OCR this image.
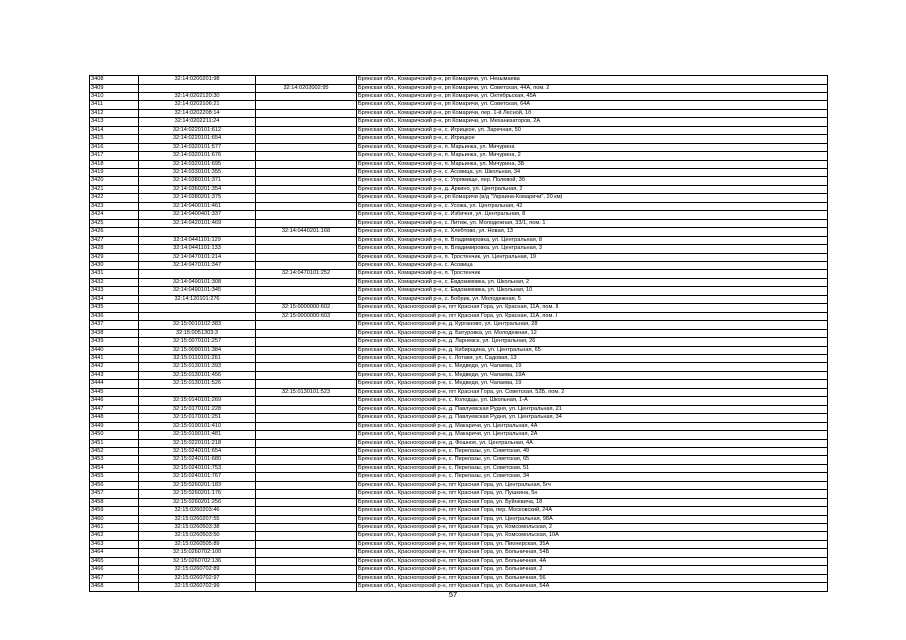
3408	32:14:0200201:98		Брянская обл., Комаричский р-н, рп Комаричи, ул. Незымаева
3409		32:14:0202002:95	Брянская обл., Комаричский р-н, рп Комаричи, ул. Советская, 44А, пом. 2
3410	32:14:0202120:30		Брянская обл., Комаричский р-н, рп Комаричи, ул. Октябрьская, 45А
3411	32:14:0202106:21		Брянская обл., Комаричский р-н, рп Комаричи, ул. Советская, 64А
3412	32:14:0202208:14		Брянская обл., Комаричский р-н, рп Комаричи, пер. 1-й Лесной, 1б
3413	32:14:0202211:24		Брянская обл., Комаричский р-н, рп Комаричи, ул. Механизаторов, 2А
3414	32:14:0220101:612		Брянская обл., Комаричский р-н, с. Игрицкое, ул. Заречная, 50
3415	32:14:0220101:654		Брянская обл., Комаричский р-н, с. Игрицкое
3416	32:14:0320101:577		Брянская обл., Комаричский р-н, п. Марьинка, ул. Мичурина
3417	32:14:0320101:676		Брянская обл., Комаричский р-н, п. Марьинка, ул. Мичурина, 2
3418	32:14:0320101:695		Брянская обл., Комаричский р-н, п. Марьинка, ул. Мичурина, 3Б
3419	32:14:0330101:355		Брянская обл., Комаричский р-н, с. Асовица, ул. Школьная, 34
3420	32:14:0380101:371		Брянская обл., Комаричский р-н, с. Упрямище, пер. Полевой, 3б
3421	32:14:0360201:354		Брянская обл., Комаричский р-н, д. Аркино, ул. Центральная, 2
3422	32:14:0380201:375		Брянская обл., Комаричский р-н, рп Комаричи (в/д "Украина-Комаричи", 20 км)
3423	32:14:0400101:461		Брянская обл., Комаричский р-н, с. Усожа, ул. Центральная, 42
3424	32:14:0400401:337		Брянская обл., Комаричский р-н, с. Избичня, ул. Центральная, 8
3425	32:14:0420101:469		Брянская обл., Комаричский р-н, с. Литиж, ул. Молодежная, 33/1, пом. 1
3426		32:14:0440201:168	Брянская обл., Комаричский р-н, с. Хлебтово, ул. Новая, 13
3427	32:14:0441101:129		Брянская обл., Комаричский р-н, п. Владимировка, ул. Центральная, 8
3428	32:14:0441101:133		Брянская обл., Комаричский р-н, п. Владимировка, ул. Центральная, 3
3429	32:14:0470101:214		Брянская обл., Комаричский р-н, п. Тростенчик, ул. Центральная, 19
3430	32:14:0470101:347		Брянская обл., Комаричский р-н, с. Асовица
3431		32:14:0470101:252	Брянская обл., Комаричский р-н, п. Тростенчик
3432	32:14:0490101:308		Брянская обл., Комаричский р-н, с. Евдокимовка, ул. Школьная, 2
3433	32:14:0490101:345		Брянская обл., Комаричский р-н, с. Евдокимовка, ул. Школьная, 10
3434	32:14:120101:276		Брянская обл., Комаричский р-н, с. Бобрик, ул. Молодежная, 5
3435		32:15:0000000:602	Брянская обл., Красногорский р-н, пгт Красная Гора, ул. Красная, 11А, пом. II
3436		32:15:0000000:603	Брянская обл., Красногорский р-н, пгт Красная Гора, ул. Красная, 11А, пом. I
3437	32:15:0010102:383		Брянская обл., Красногорский р-н, д. Курганово, ул. Центральная, 28
3438	32:15:0051303:3		Брянская обл., Красногорский р-н, д. Батуровка, ул. Молодежная, 12
3439	32:15:0070101:257		Брянская обл., Красногорский р-н, д. Ларневск, ул. Центральная, 26
3440	32:15:0090101:384		Брянская обл., Красногорский р-н, д. Кибирщина, ул. Центральная, 65
3441	32:15:0110101:261		Брянская обл., Красногорский р-н, с. Лотаки, ул. Садовая, 13
3442	32:15:0130101:393		Брянская обл., Красногорский р-н, с. Медведи, ул. Чапаева, 19
3443	32:15:0130101:456		Брянская обл., Красногорский р-н, с. Медведи, ул. Чапаева, 19А
3444	32:15:0130101:526		Брянская обл., Красногорский р-н, с. Медведи, ул. Чапаева, 19
3445		32:15:0130101:523	Брянская обл., Красногорский р-н, пгт Красная Гора, ул. Советская, 52Б, пом. 2
3446	32:15:0140101:269		Брянская обл., Красногорский р-н, с. Колодцы, ул. Школьная, 1-А
3447	32:15:0170101:228		Брянская обл., Красногорский р-н, д. Павлуевская Рудня, ул. Центральная, 21
3448	32:15:0170101:251		Брянская обл., Красногорский р-н, д. Павлуевская Рудня, ул. Центральная, 34
3449	32:15:0190101:410		Брянская обл., Красногорский р-н, д. Макаричи, ул. Центральная, 4А
3450	32:15:0190101:481		Брянская обл., Красногорский р-н, д. Макаричи, ул. Центральная, 2А
3451	32:15:0220101:218		Брянская обл., Красногорский р-н, д. Фошное, ул. Центральная, 4А
3452	32:15:0240101:654		Брянская обл., Красногорский р-н, с. Перелазы, ул. Советская, 49
3453	32:15:0240101:680		Брянская обл., Красногорский р-н, с. Перелазы, ул. Советская, 65
3454	32:15:0240101:753		Брянская обл., Красногорский р-н, с. Перелазы, ул. Советская, 51
3455	32:15:0240101:767		Брянская обл., Красногорский р-н, с. Перелазы, ул. Советская, 34
3456	32:15:0260201:183		Брянская обл., Красногорский р-н, пгт Красная Гора, ул. Центральная, 5гч
3457	32:15:0260201:176		Брянская обл., Красногорский р-н, пгт Красная Гора, ул. Пушкина, 5н
3458	32:15:0260201:256		Брянская обл., Красногорский р-н, пгт Красная Гора, ул. Буйневича, 18
3459	32:15:0260203:46		Брянская обл., Красногорский р-н, пгт Красная Гора, пер. Московский, 24А
3460	32:15:0260207:55		Брянская обл., Красногорский р-н, пгт Красная Гора, ул. Центральная, 98А
3461	32:15:0260503:38		Брянская обл., Красногорский р-н, пгт Красная Гора, ул. Комсомольская, 2
3462	32:15:0260503:50		Брянская обл., Красногорский р-н, пгт Красная Гора, ул. Комсомольская, 10А
3463	32:15:0260505:89		Брянская обл., Красногорский р-н, пгт Красная Гора, ул. Пионерская, 35А
3464	32:15:0260702:100		Брянская обл., Красногорский р-н, пгт Красная Гора, ул. Больничная, 54Б
3465	32:15:0260702:136		Брянская обл., Красногорский р-н, пгт Красная Гора, ул. Больничная, 4А
3466	32:15:0260702:89		Брянская обл., Красногорский р-н, пгт Красная Гора, ул. Больничная, 2
3467	32:15:0260702:97		Брянская обл., Красногорский р-н, пгт Красная Гора, ул. Больничная, 56
3468	32:15:0260702:99		Брянская обл., Красногорский р-н, пгт Красная Гора, ул. Больничная, 54А
57
